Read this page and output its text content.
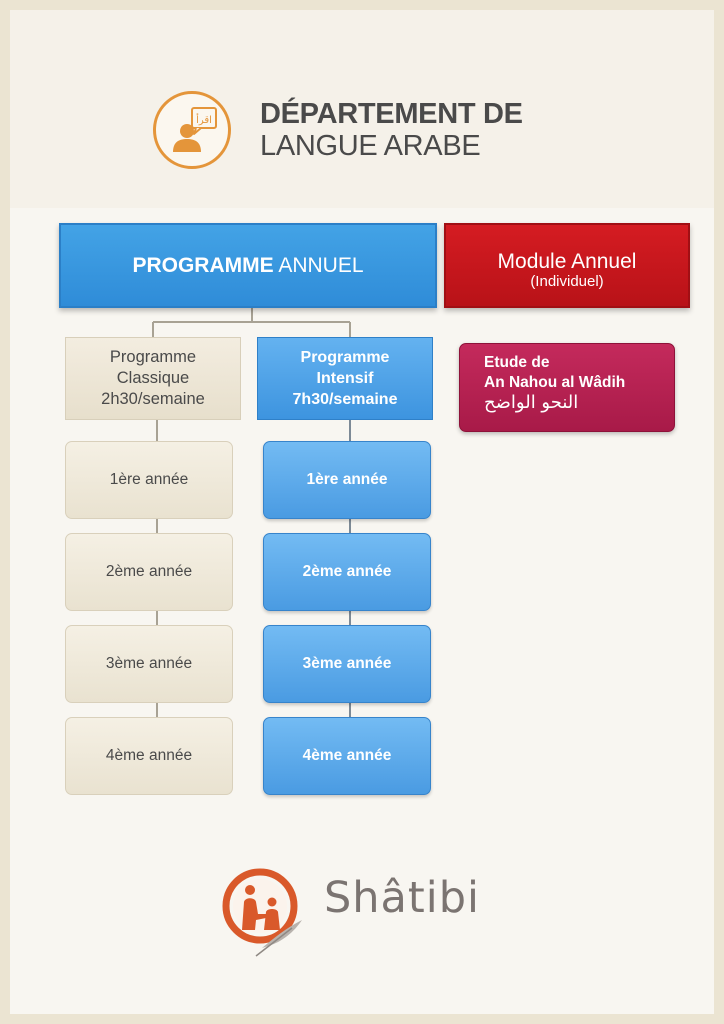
اقرأ DÉPARTEMENT DE
LANGUE ARABE
PROGRAMME ANNUEL	Module Annuel
(Individuel)
Programme
Classique
2h30/semaine
Programme
Intensif
7h30/semaine
1ère année
2ème année
3ème année
4ème année
1ère année
2ème année
3ème année
4ème année
Etude de
An Nahou al Wâdih
النحو الواضح
Shâtibi
